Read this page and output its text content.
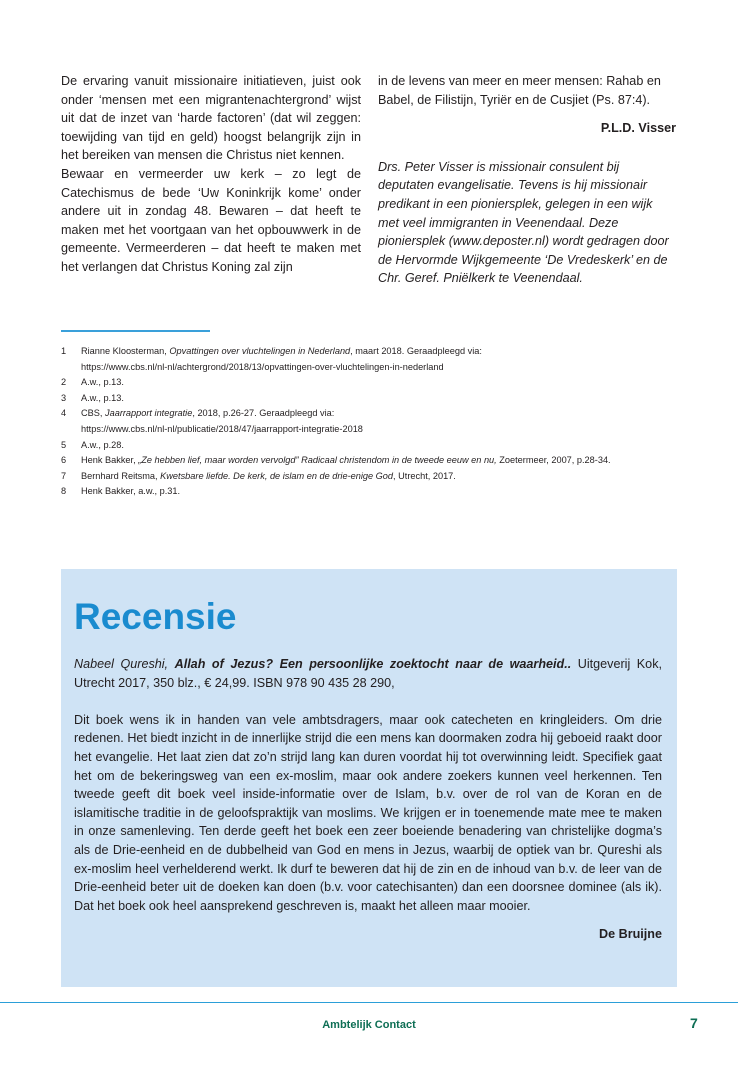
De ervaring vanuit missionaire initiatieven, juist ook onder ‘mensen met een migrantenachtergrond’ wijst uit dat de inzet van ‘harde factoren’ (dat wil zeggen: toewijding van tijd en geld) hoogst belangrijk zijn in het bereiken van mensen die Christus niet kennen.

Bewaar en vermeerder uw kerk – zo legt de Catechismus de bede ‘Uw Koninkrijk kome’ onder andere uit in zondag 48. Bewaren – dat heeft te maken met het voortgaan van het opbouwwerk in de gemeente. Vermeerderen – dat heeft te maken met het verlangen dat Christus Koning zal zijn

in de levens van meer en meer mensen: Rahab en Babel, de Filistijn, Tyriër en de Cusjiet (Ps. 87:4).

P.L.D. Visser

Drs. Peter Visser is missionair consulent bij deputaten evangelisatie. Tevens is hij missionair predikant in een pioniersplek, gelegen in een wijk met veel immigranten in Veenendaal. Deze pioniersplek (www.deposter.nl) wordt gedragen door de Hervormde Wijkgemeente ‘De Vredeskerk’ en de Chr. Geref. Pniëlkerk te Veenendaal.

1	Rianne Kloosterman, Opvattingen over vluchtelingen in Nederland, maart 2018. Geraadpleegd via:
https://www.cbs.nl/nl-nl/achtergrond/2018/13/opvattingen-over-vluchtelingen-in-nederland
2	A.w., p.13.
3	A.w., p.13.
4	CBS, Jaarrapport integratie, 2018, p.26-27. Geraadpleegd via:
https://www.cbs.nl/nl-nl/publicatie/2018/47/jaarrapport-integratie-2018
5	A.w., p.28.
6	Henk Bakker, „Ze hebben lief, maar worden vervolgd” Radicaal christendom in de tweede eeuw en nu, Zoetermeer, 2007, p.28-34.
7	Bernhard Reitsma, Kwetsbare liefde. De kerk, de islam en de drie-enige God, Utrecht, 2017.
8	Henk Bakker, a.w., p.31.
Recensie

Nabeel Qureshi, Allah of Jezus? Een persoonlijke zoektocht naar de waarheid.. Uitgeverij Kok, Utrecht 2017, 350 blz., € 24,99. ISBN 978 90 435 28 290,

Dit boek wens ik in handen van vele ambtsdragers, maar ook catecheten en kringleiders. Om drie redenen. Het biedt inzicht in de innerlijke strijd die een mens kan doormaken zodra hij geboeid raakt door het evangelie. Het laat zien dat zo’n strijd lang kan duren voordat hij tot overwinning leidt. Specifiek gaat het om de bekeringsweg van een ex-moslim, maar ook andere zoekers kunnen veel herkennen. Ten tweede geeft dit boek veel inside-informatie over de Islam, b.v. over de rol van de Koran en de islamitische traditie in de geloofspraktijk van moslims. We krijgen er in toenemende mate mee te maken in onze samenleving. Ten derde geeft het boek een zeer boeiende benadering van christelijke dogma’s als de Drie-eenheid en de dubbelheid van God en mens in Jezus, waarbij de optiek van br. Qureshi als ex-moslim heel verhelderend werkt. Ik durf te beweren dat hij de zin en de inhoud van b.v. de leer van de Drie-eenheid beter uit de doeken kan doen (b.v. voor catechisanten) dan een doorsnee dominee (als ik). Dat het boek ook heel aansprekend geschreven is, maakt het alleen maar mooier.

De Bruijne

Ambtelijk Contact	7
